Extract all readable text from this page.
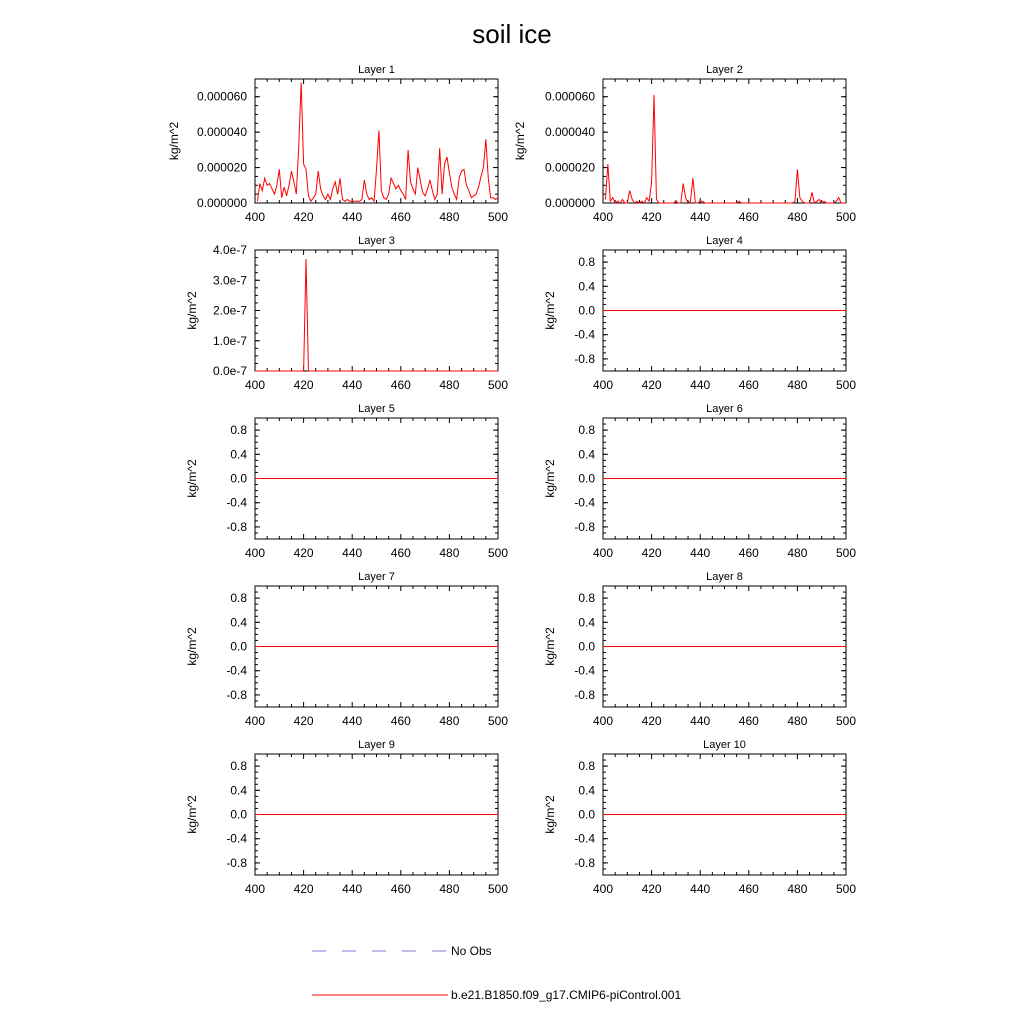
soil ice
Layer 1
400 420 440 460 480 500
0.000000
0.000020
0.000040
0.000060
kg/m^2
Layer 2
400 420 440 460 480 500
0.000000
0.000020
0.000040
0.000060
kg/m^2
Layer 3
400 420 440 460 480 500
0.0e-7
1.0e-7
2.0e-7
3.0e-7
4.0e-7
kg/m^2
Layer 4
400 420 440 460 480 500
-0.8
-0.4
0.0
0.4
0.8
kg/m^2
Layer 5
400 420 440 460 480 500
-0.8
-0.4
0.0
0.4
0.8
kg/m^2
Layer 6
400 420 440 460 480 500
-0.8
-0.4
0.0
0.4
0.8
kg/m^2
Layer 7
400 420 440 460 480 500
-0.8
-0.4
0.0
0.4
0.8
kg/m^2
Layer 8
400 420 440 460 480 500
-0.8
-0.4
0.0
0.4
0.8
kg/m^2
Layer 9
400 420 440 460 480 500
-0.8
-0.4
0.0
0.4
0.8
kg/m^2
Layer 10
400 420 440 460 480 500
-0.8
-0.4
0.0
0.4
0.8
kg/m^2
No Obs
b.e21.B1850.f09_g17.CMIP6-piControl.001
